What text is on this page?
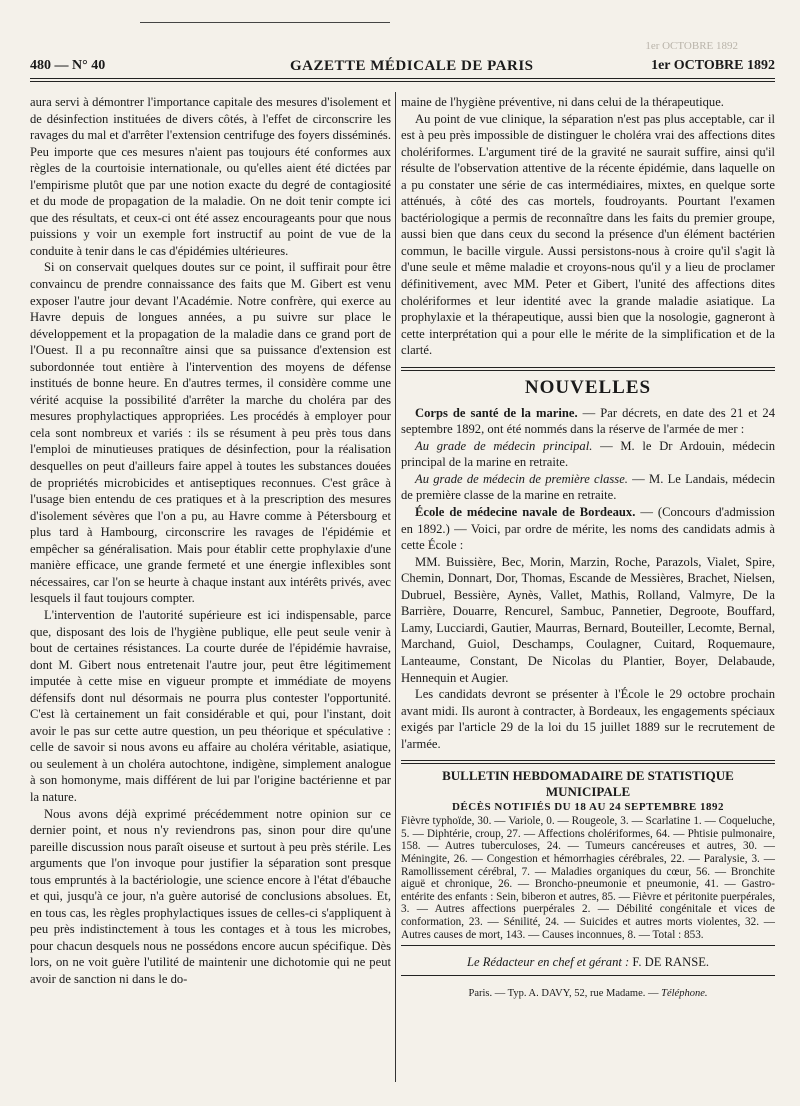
1er OCTOBRE 1892
480 — N° 40	GAZETTE MÉDICALE DE PARIS	1er OCTOBRE 1892

aura servi à démontrer l'importance capitale des mesures d'isolement et de désinfection instituées de divers côtés, à l'effet de circonscrire les ravages du mal et d'arrêter l'extension centrifuge des foyers disséminés. Peu importe que ces mesures n'aient pas toujours été conformes aux règles de la courtoisie internationale, ou qu'elles aient été dictées par l'empirisme plutôt que par une notion exacte du degré de contagiosité et du mode de propagation de la maladie. On ne doit tenir compte ici que des résultats, et ceux-ci ont été assez encourageants pour que nous puissions y voir un exemple fort instructif au point de vue de la conduite à tenir dans le cas d'épidémies ultérieures.

Si on conservait quelques doutes sur ce point, il suffirait pour être convaincu de prendre connaissance des faits que M. Gibert est venu exposer l'autre jour devant l'Académie. Notre confrère, qui exerce au Havre depuis de longues années, a pu suivre sur place le développement et la propagation de la maladie dans ce grand port de l'Ouest. Il a pu reconnaître ainsi que sa puissance d'extension est subordonnée tout entière à l'intervention des moyens de défense institués de bonne heure. En d'autres termes, il considère comme une vérité acquise la possibilité d'arrêter la marche du choléra par des mesures prophylactiques appropriées. Les procédés à employer pour cela sont nombreux et variés : ils se résument à peu près tous dans l'emploi de minutieuses pratiques de désinfection, pour la réalisation desquelles on peut d'ailleurs faire appel à toutes les substances douées de propriétés microbicides et antiseptiques reconnues. C'est grâce à l'usage bien entendu de ces pratiques et à la prescription des mesures d'isolement sévères que l'on a pu, au Havre comme à Pétersbourg et plus tard à Hambourg, circonscrire les ravages de l'épidémie et empêcher sa généralisation. Mais pour établir cette prophylaxie d'une manière efficace, une grande fermeté et une énergie inflexibles sont nécessaires, car l'on se heurte à chaque instant aux intérêts privés, avec lesquels il faut toujours compter.

L'intervention de l'autorité supérieure est ici indispensable, parce que, disposant des lois de l'hygiène publique, elle peut seule venir à bout de certaines résistances. La courte durée de l'épidémie havraise, dont M. Gibert nous entretenait l'autre jour, peut être légitimement imputée à cette mise en vigueur prompte et immédiate de moyens défensifs dont nul désormais ne pourra plus contester l'opportunité. C'est là certainement un fait considérable et qui, pour l'instant, doit avoir le pas sur cette autre question, un peu théorique et spéculative : celle de savoir si nous avons eu affaire au choléra véritable, asiatique, ou seulement à un choléra autochtone, indigène, simplement analogue à son homonyme, mais différent de lui par l'origine bactérienne et par la nature.

Nous avons déjà exprimé précédemment notre opinion sur ce dernier point, et nous n'y reviendrons pas, sinon pour dire qu'une pareille discussion nous paraît oiseuse et surtout à peu près stérile. Les arguments que l'on invoque pour justifier la séparation sont presque tous empruntés à la bactériologie, une science encore à l'état d'ébauche et qui, jusqu'à ce jour, n'a guère autorisé de conclusions absolues. Et, en tous cas, les règles prophylactiques issues de celles-ci s'appliquent à peu près indistinctement à tous les contages et à tous les microbes, pour chacun desquels nous ne possédons encore aucun spécifique. Dès lors, on ne voit guère l'utilité de maintenir une dichotomie qui ne peut avoir de sanction ni dans le do-

maine de l'hygiène préventive, ni dans celui de la thérapeutique.

Au point de vue clinique, la séparation n'est pas plus acceptable, car il est à peu près impossible de distinguer le choléra vrai des affections dites cholériformes. L'argument tiré de la gravité ne saurait suffire, ainsi qu'il résulte de l'observation attentive de la récente épidémie, dans laquelle on a pu constater une série de cas intermédiaires, mixtes, en quelque sorte atténués, à côté des cas mortels, foudroyants. Pourtant l'examen bactériologique a permis de reconnaître dans les faits du premier groupe, aussi bien que dans ceux du second la présence d'un élément bactérien commun, le bacille virgule. Aussi persistons-nous à croire qu'il s'agit là d'une seule et même maladie et croyons-nous qu'il y a lieu de proclamer définitivement, avec MM. Peter et Gibert, l'unité des affections dites cholériformes et leur identité avec la grande maladie asiatique. La prophylaxie et la thérapeutique, aussi bien que la nosologie, gagneront à cette interprétation qui a pour elle le mérite de la simplification et de la clarté.

NOUVELLES

Corps de santé de la marine. — Par décrets, en date des 21 et 24 septembre 1892, ont été nommés dans la réserve de l'armée de mer :

Au grade de médecin principal. — M. le Dr Ardouin, médecin principal de la marine en retraite.

Au grade de médecin de première classe. — M. Le Landais, médecin de première classe de la marine en retraite.

École de médecine navale de Bordeaux. — (Concours d'admission en 1892.) — Voici, par ordre de mérite, les noms des candidats admis à cette École :

MM. Buissière, Bec, Morin, Marzin, Roche, Parazols, Vialet, Spire, Chemin, Donnart, Dor, Thomas, Escande de Messières, Brachet, Nielsen, Dubruel, Bessière, Aynès, Vallet, Mathis, Rolland, Valmyre, De la Barrière, Douarre, Rencurel, Sambuc, Pannetier, Degroote, Bouffard, Lamy, Lucciardi, Gautier, Maurras, Bernard, Bouteiller, Lecomte, Bernal, Marchand, Guiol, Deschamps, Coulagner, Cuitard, Roquemaure, Lanteaume, Constant, De Nicolas du Plantier, Boyer, Delabaude, Hennequin et Augier.

Les candidats devront se présenter à l'École le 29 octobre prochain avant midi. Ils auront à contracter, à Bordeaux, les engagements spéciaux exigés par l'article 29 de la loi du 15 juillet 1889 sur le recrutement de l'armée.

BULLETIN HEBDOMADAIRE DE STATISTIQUE MUNICIPALE
DÉCÈS NOTIFIÉS DU 18 AU 24 SEPTEMBRE 1892
Fièvre typhoïde, 30. — Variole, 0. — Rougeole, 3. — Scarlatine 1. — Coqueluche, 5. — Diphtérie, croup, 27. — Affections cholériformes, 64. — Phtisie pulmonaire, 158. — Autres tuberculoses, 24. — Tumeurs cancéreuses et autres, 30. — Méningite, 26. — Congestion et hémorrhagies cérébrales, 22. — Paralysie, 3. — Ramollissement cérébral, 7. — Maladies organiques du cœur, 56. — Bronchite aiguë et chronique, 26. — Broncho-pneumonie et pneumonie, 41. — Gastro-entérite des enfants : Sein, biberon et autres, 85. — Fièvre et péritonite puerpérales, 3. — Autres affections puerpérales 2. — Débilité congénitale et vices de conformation, 23. — Sénilité, 24. — Suicides et autres morts violentes, 32. — Autres causes de mort, 143. — Causes inconnues, 8. — Total : 853.
Le Rédacteur en chef et gérant : F. DE RANSE.
Paris. — Typ. A. DAVY, 52, rue Madame. — Téléphone.
